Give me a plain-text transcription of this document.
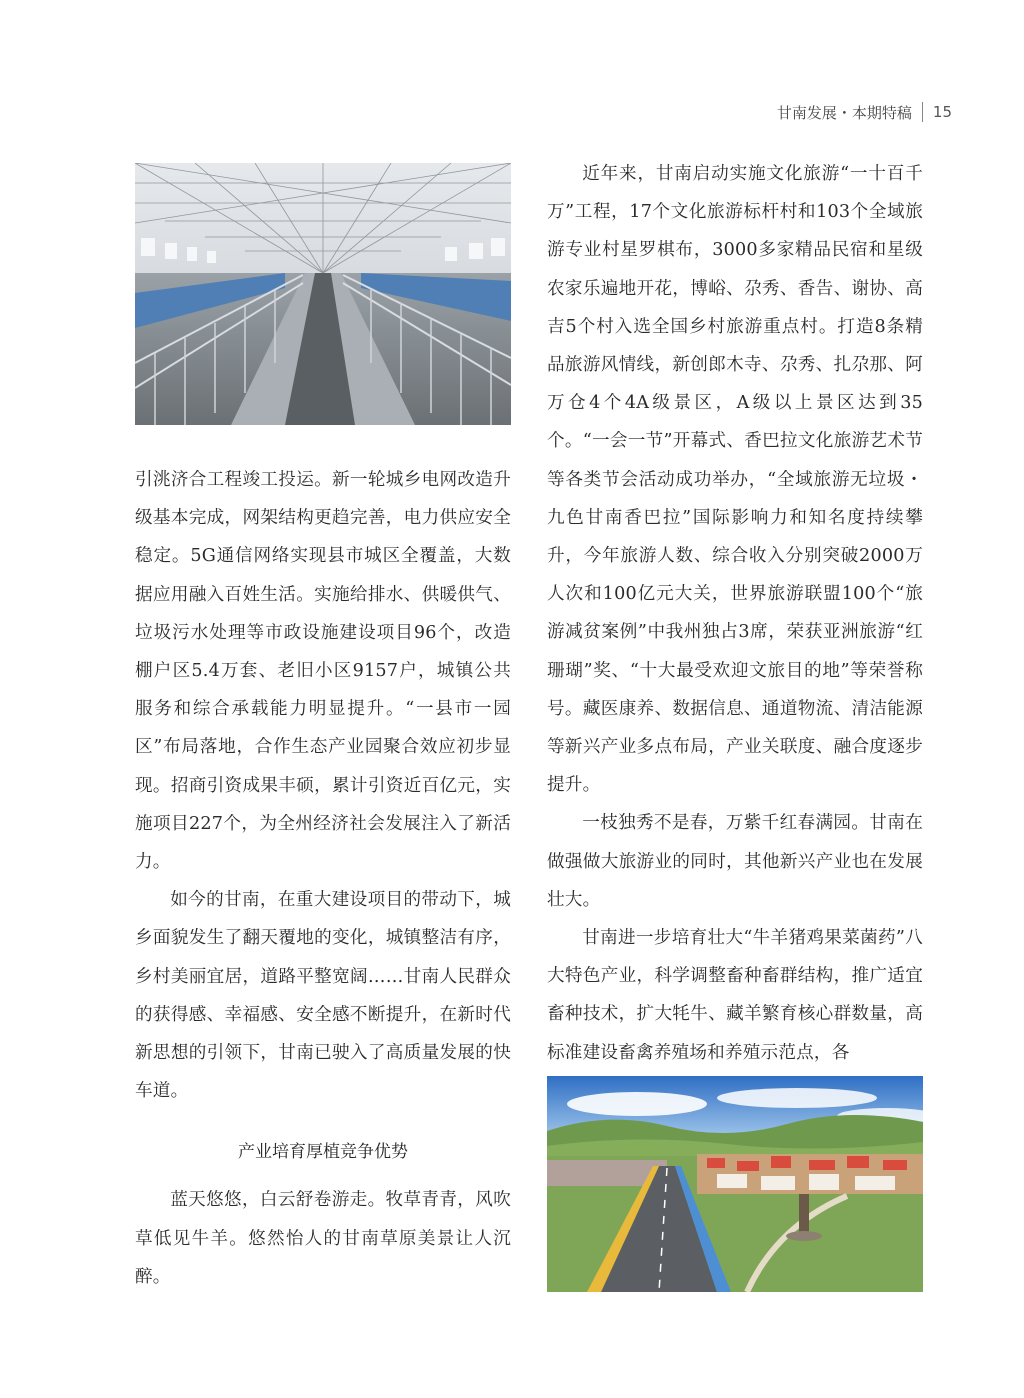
甘南发展・本期特稿 15

引洮济合工程竣工投运。新一轮城乡电网改造升级基本完成，网架结构更趋完善，电力供应安全稳定。5G通信网络实现县市城区全覆盖，大数据应用融入百姓生活。实施给排水、供暖供气、垃圾污水处理等市政设施建设项目96个，改造棚户区5.4万套、老旧小区9157户，城镇公共服务和综合承载能力明显提升。“一县市一园区”布局落地，合作生态产业园聚合效应初步显现。招商引资成果丰硕，累计引资近百亿元，实施项目227个，为全州经济社会发展注入了新活力。

如今的甘南，在重大建设项目的带动下，城乡面貌发生了翻天覆地的变化，城镇整洁有序，乡村美丽宜居，道路平整宽阔……甘南人民群众的获得感、幸福感、安全感不断提升，在新时代新思想的引领下，甘南已驶入了高质量发展的快车道。

产业培育厚植竞争优势

蓝天悠悠，白云舒卷游走。牧草青青，风吹草低见牛羊。悠然怡人的甘南草原美景让人沉醉。

近年来，甘南启动实施文化旅游“一十百千万”工程，17个文化旅游标杆村和103个全域旅游专业村星罗棋布，3000多家精品民宿和星级农家乐遍地开花，博峪、尕秀、香告、谢协、高吉5个村入选全国乡村旅游重点村。打造8条精品旅游风情线，新创郎木寺、尕秀、扎尕那、阿万仓4个4A级景区，A级以上景区达到35个。“一会一节”开幕式、香巴拉文化旅游艺术节等各类节会活动成功举办，“全域旅游无垃圾・九色甘南香巴拉”国际影响力和知名度持续攀升，今年旅游人数、综合收入分别突破2000万人次和100亿元大关，世界旅游联盟100个“旅游减贫案例”中我州独占3席，荣获亚洲旅游“红珊瑚”奖、“十大最受欢迎文旅目的地”等荣誉称号。藏医康养、数据信息、通道物流、清洁能源等新兴产业多点布局，产业关联度、融合度逐步提升。

一枝独秀不是春，万紫千红春满园。甘南在做强做大旅游业的同时，其他新兴产业也在发展壮大。

甘南进一步培育壮大“牛羊猪鸡果菜菌药”八大特色产业，科学调整畜种畜群结构，推广适宜畜种技术，扩大牦牛、藏羊繁育核心群数量，高标准建设畜禽养殖场和养殖示范点，各
